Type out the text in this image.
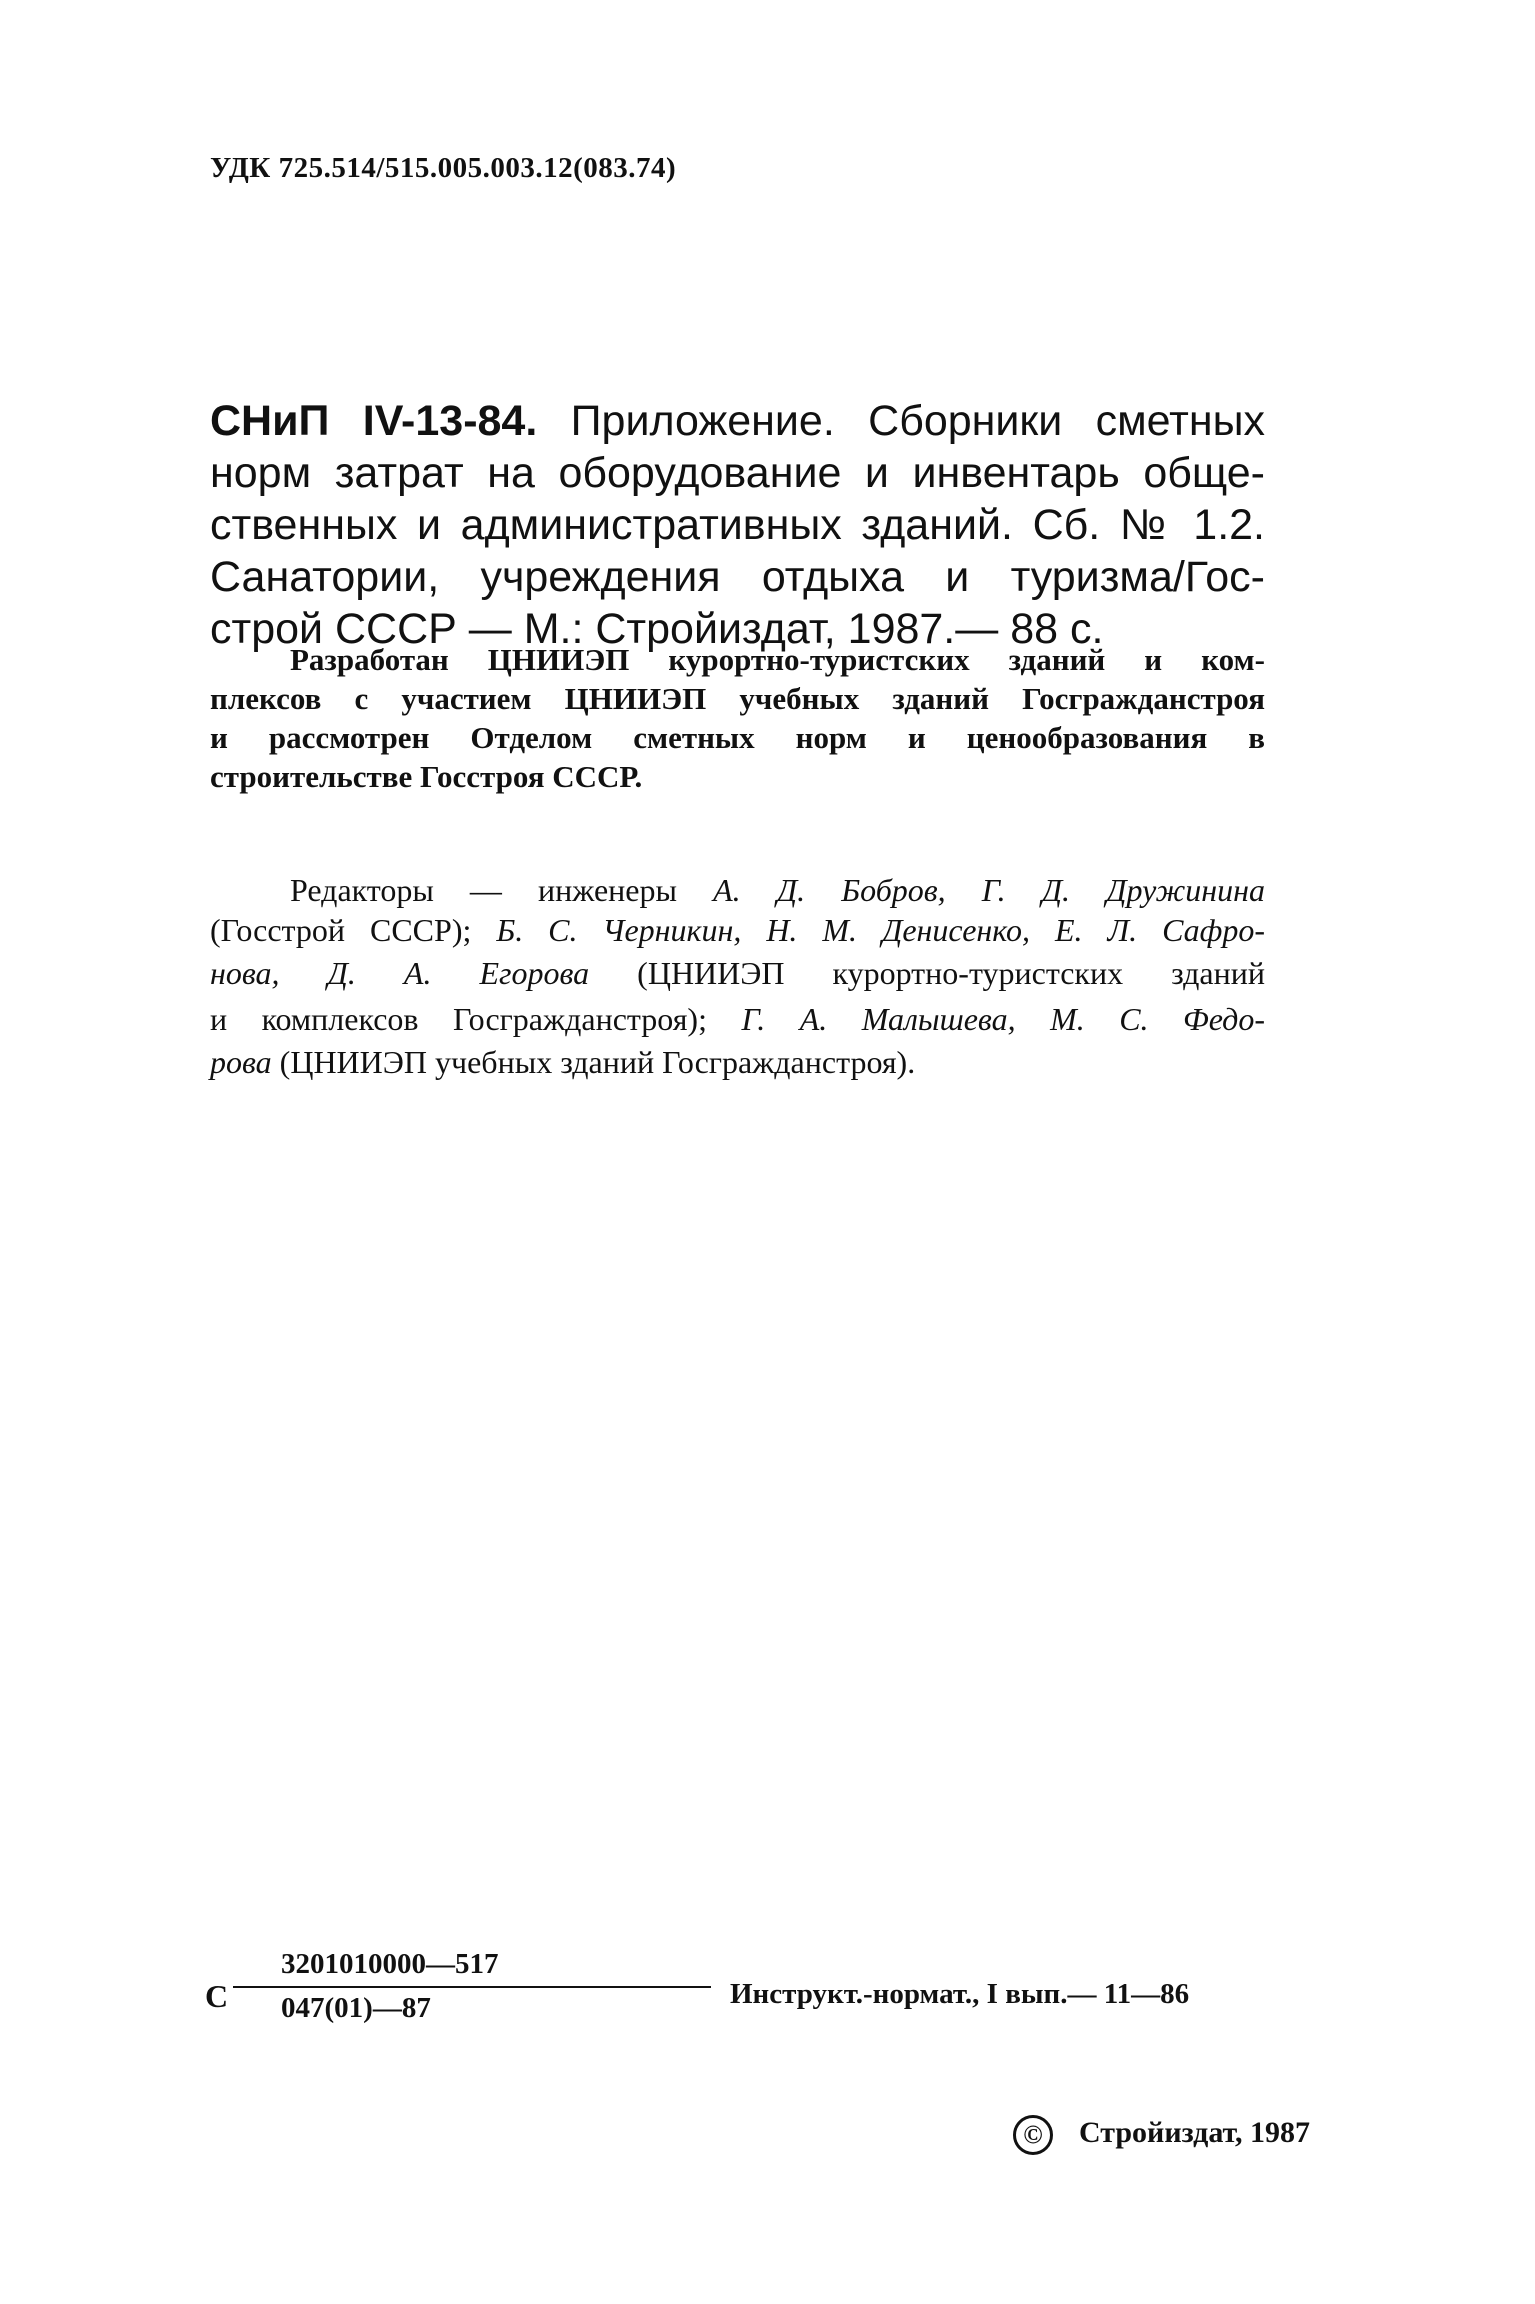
УДК 725.514/515.005.003.12(083.74)
СНиП IV-13-84. Приложение. Сборники сметных
норм затрат на оборудование и инвентарь обще-
ственных и административных зданий. Сб. № 1.2.
Санатории, учреждения отдыха и туризма/Гос-
строй СССР — М.: Стройиздат, 1987.— 88 с.
Разработан ЦНИИЭП курортно-туристских зданий и ком-
плексов с участием ЦНИИЭП учебных зданий Госгражданстроя
и рассмотрен Отделом сметных норм и ценообразования в
строительстве Госстроя СССР.
Редакторы — инженеры А. Д. Бобров, Г. Д. Дружинина
(Госстрой СССР); Б. С. Черникин, Н. М. Денисенко, Е. Л. Сафро-
нова, Д. А. Егорова (ЦНИИЭП курортно-туристских зданий
и комплексов Госгражданстроя); Г. А. Малышева, М. С. Федо-
рова (ЦНИИЭП учебных зданий Госгражданстроя).
С
3201010000—517
047(01)—87	Инструкт.-нормат., I вып.— 11—86
© Стройиздат, 1987
